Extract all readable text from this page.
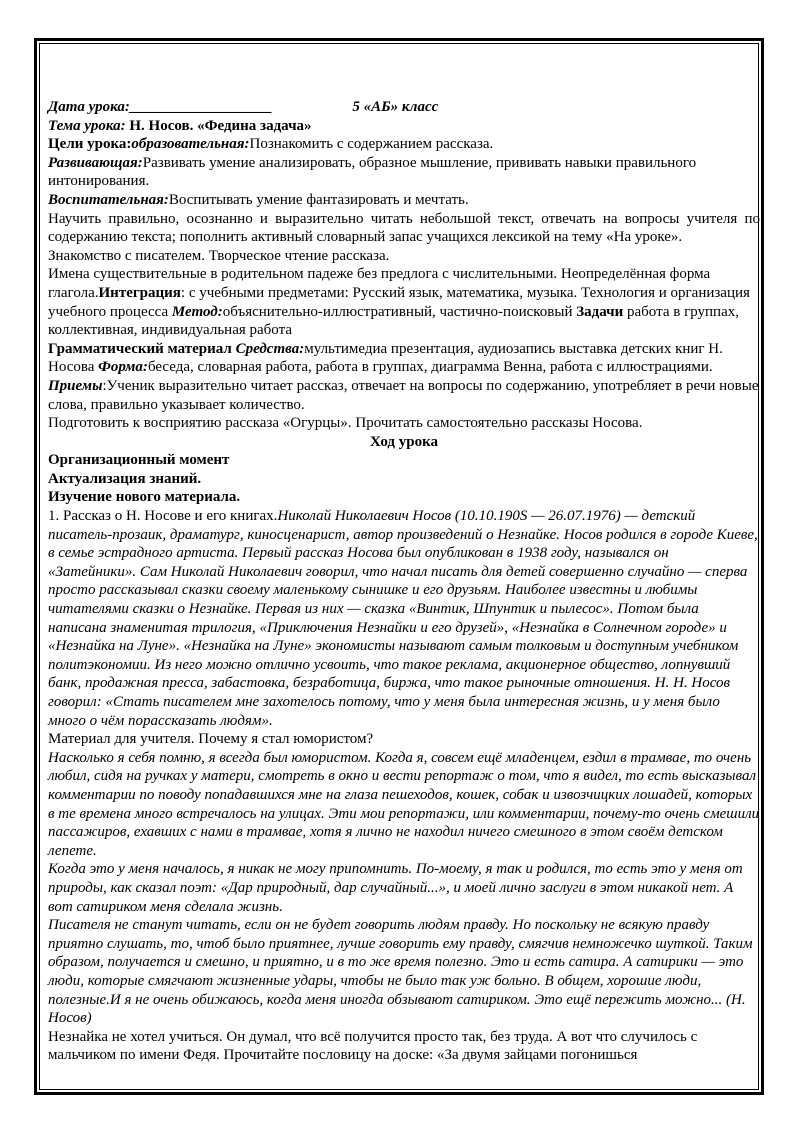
Дата урока:___________________	5 «АБ» класс

Тема урока: Н. Носов. «Федина задача»

Цели урока:образовательная:Познакомить с содержанием рассказа.

Развивающая:Развивать умение анализировать, образное мышление, прививать навыки правильного интонирования.

Воспитательная:Воспитывать умение фантазировать и мечтать.

Научить правильно, осознанно и выразительно читать небольшой текст, отвечать на вопросы учителя по содержанию текста; пополнить активный словарный запас учащихся лексикой на тему «На уроке».

Знакомство с писателем. Творческое чтение рассказа.

Имена существительные в родительном падеже без предлога с числительными. Неопределённая форма глагола.Интеграция: с учебными предметами: Русский язык, математика, музыка. Технология и организация учебного процесса Метод:объяснительно-иллюстративный, частично-поисковый Задачи работа в группах, коллективная, индивидуальная работа

Грамматический материал Средства:мультимедиа презентация, аудиозапись выставка детских книг Н. Носова Форма:беседа, словарная работа, работа в группах, диаграмма Венна, работа с иллюстрациями. Приемы:Ученик выразительно читает рассказ, отвечает на вопросы по содержанию, употребляет в речи новые слова, правильно указывает количество.

Подготовить к восприятию рассказа «Огурцы». Прочитать самостоятельно рассказы Носова.

Ход урока

Организационный момент

Актуализация знаний.

Изучение нового материала.

1. Рассказ о Н. Носове и его книгах.Николай Николаевич Носов (10.10.190S — 26.07.1976) — детский писатель-прозаик, драматург, киносценарист, автор произведений о Незнайке. Носов родился в городе Киеве, в семье эстрадного артиста. Первый рассказ Носова был опубликован в 1938 году, назывался он «Затейники». Сам Николай Николаевич говорил, что начал писать для детей совершенно случайно — сперва просто рассказывал сказки своему маленькому сынишке и его друзьям. Наиболее известны и любимы читателями сказки о Незнайке. Первая из них — сказка «Винтик, Шпунтик и пылесос». Потом была написана знаменитая трилогия, «Приключения Незнайки и его друзей», «Незнайка в Солнечном городе» и «Незнайка на Луне». «Незнайка на Луне» экономисты называют самым толковым и доступным учебником политэкономии. Из него можно отлично усвоить, что такое реклама, акционерное общество, лопнувший банк, продажная пресса, забастовка, безработица, биржа, что такое рыночные отношения. Н. Н. Носов говорил: «Стать писателем мне захотелось потому, что у меня была интересная жизнь, и у меня было много о чём порассказать людям».

Материал для учителя. Почему я стал юмористом?

Насколько я себя помню, я всегда был юмористом. Когда я, совсем ещё младенцем, ездил в трамвае, то очень любил, сидя на ручках у матери, смотреть в окно и вести репортаж о том, что я видел, то есть высказывал комментарии по поводу попадавшихся мне на глаза пешеходов, кошек, собак и извозчицких лошадей, которых в те времена много встречалось на улицах. Эти мои репортажи, или комментарии, почему-то очень смешили пассажиров, ехавших с нами в трамвае, хотя я лично не находил ничего смешного в этом своём детском лепете.

Когда это у меня началось, я никак не могу припомнить. По-моему, я так и родился, то есть это у меня от природы, как сказал поэт: «Дар природный, дар случайный...», и моей лично заслуги в этом никакой нет. А вот сатириком меня сделала жизнь.

Писателя не станут читать, если он не будет говорить людям правду. Но поскольку не всякую правду приятно слушать, то, чтоб было приятнее, лучше говорить ему правду, смягчив немножечко шуткой. Таким образом, получается и смешно, и приятно, и в то же время полезно. Это и есть сатира. А сатирики — это люди, которые смягчают жизненные удары, чтобы не было так уж больно. В общем, хорошие люди, полезные.И я не очень обижаюсь, когда меня иногда обзывают сатириком. Это ещё пережить можно... (Н. Носов)

Незнайка не хотел учиться. Он думал, что всё получится просто так, без труда. А вот что случилось с мальчиком по имени Федя. Прочитайте пословицу на доске: «За двумя зайцами погонишься
